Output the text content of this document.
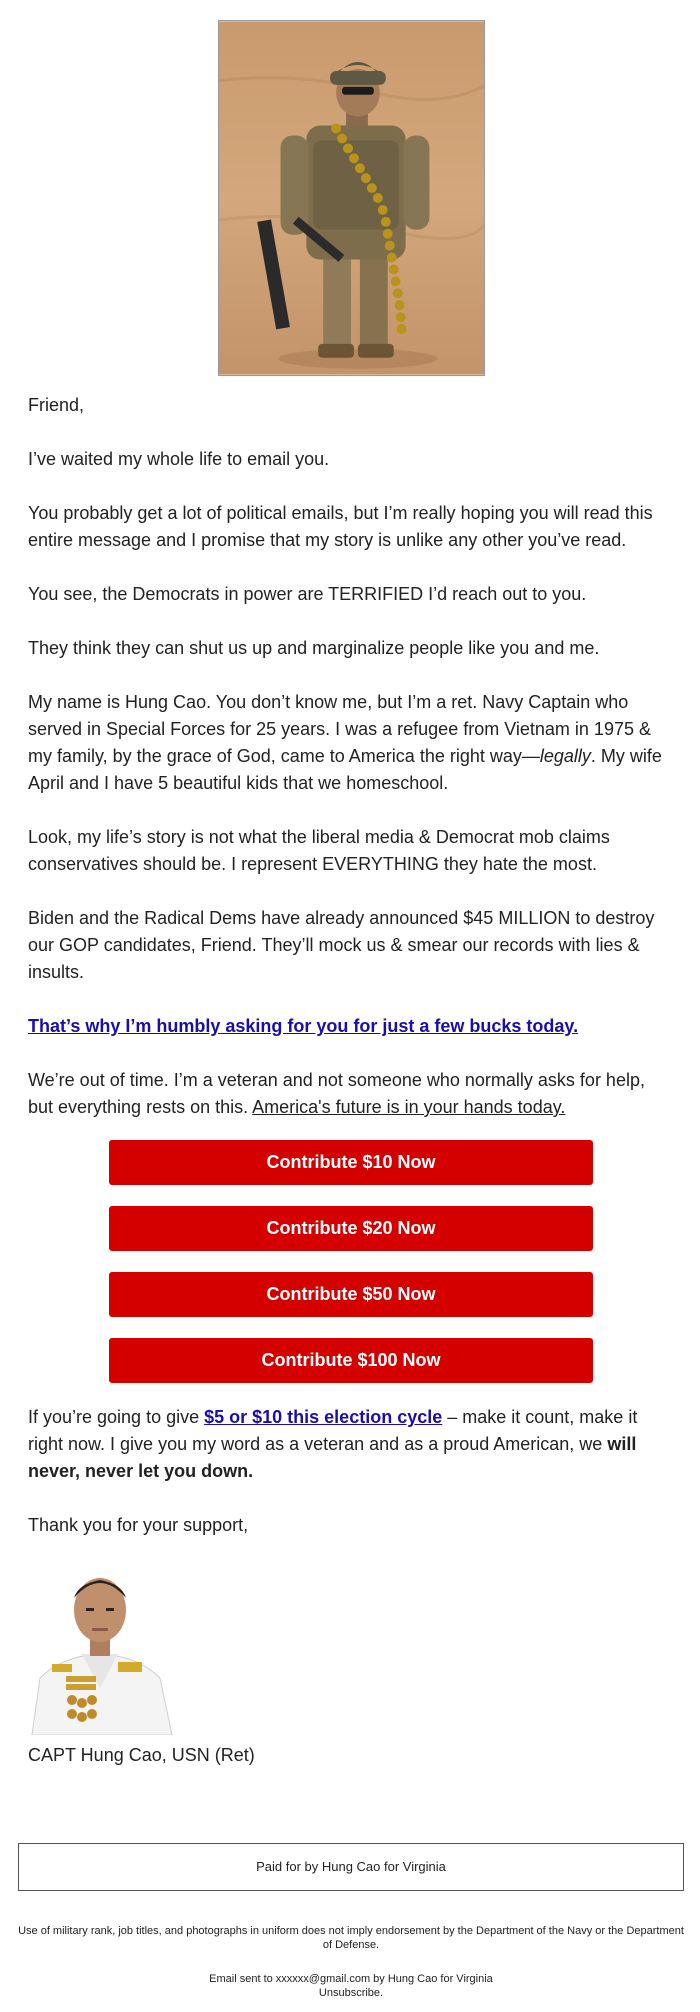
Friend,

I’ve waited my whole life to email you.

You probably get a lot of political emails, but I’m really hoping you will read this entire message and I promise that my story is unlike any other you’ve read.

You see, the Democrats in power are TERRIFIED I’d reach out to you.

They think they can shut us up and marginalize people like you and me.

My name is Hung Cao. You don’t know me, but I’m a ret. Navy Captain who served in Special Forces for 25 years. I was a refugee from Vietnam in 1975 & my family, by the grace of God, came to America the right way—legally. My wife April and I have 5 beautiful kids that we homeschool.

Look, my life’s story is not what the liberal media & Democrat mob claims conservatives should be. I represent EVERYTHING they hate the most.

Biden and the Radical Dems have already announced $45 MILLION to destroy our GOP candidates, Friend. They’ll mock us & smear our records with lies & insults.

That’s why I’m humbly asking for you for just a few bucks today.

We’re out of time. I’m a veteran and not someone who normally asks for help, but everything rests on this. America's future is in your hands today.

Contribute $10 Now
Contribute $20 Now
Contribute $50 Now
Contribute $100 Now

If you’re going to give $5 or $10 this election cycle – make it count, make it right now. I give you my word as a veteran and as a proud American, we will never, never let you down.

Thank you for your support,

CAPT Hung Cao, USN (Ret)

Paid for by Hung Cao for Virginia
Use of military rank, job titles, and photographs in uniform does not imply endorsement by the Department of the Navy or the Department of Defense.
Email sent to xxxxxx@gmail.com by Hung Cao for Virginia
Unsubscribe.
